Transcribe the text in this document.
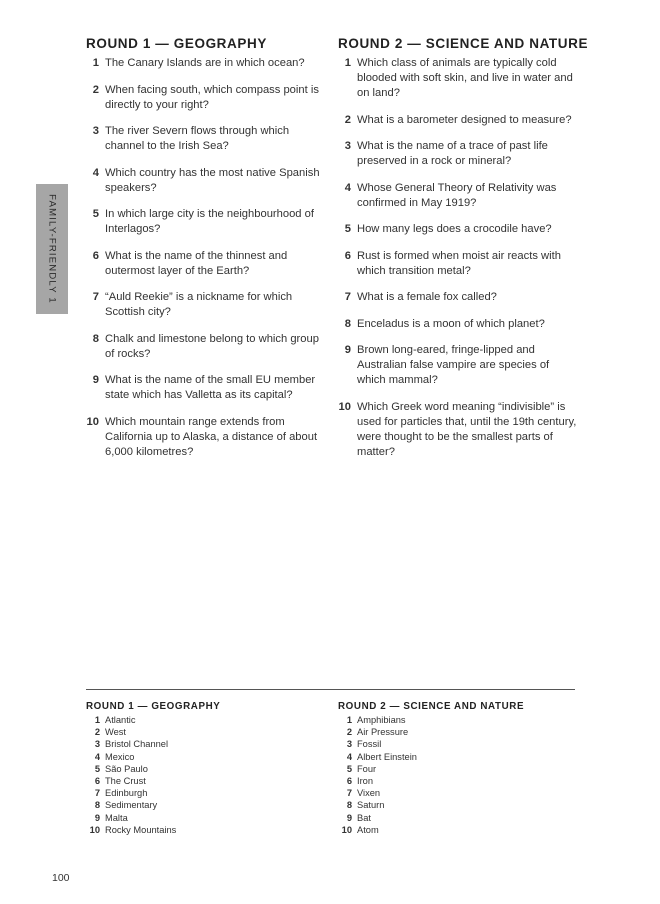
FAMILY-FRIENDLY 1
ROUND 1 — GEOGRAPHY
1 The Canary Islands are in which ocean?
2 When facing south, which compass point is directly to your right?
3 The river Severn flows through which channel to the Irish Sea?
4 Which country has the most native Spanish speakers?
5 In which large city is the neighbourhood of Interlagos?
6 What is the name of the thinnest and outermost layer of the Earth?
7 “Auld Reekie” is a nickname for which Scottish city?
8 Chalk and limestone belong to which group of rocks?
9 What is the name of the small EU member state which has Valletta as its capital?
10 Which mountain range extends from California up to Alaska, a distance of about 6,000 kilometres?
ROUND 2 — SCIENCE AND NATURE
1 Which class of animals are typically cold blooded with soft skin, and live in water and on land?
2 What is a barometer designed to measure?
3 What is the name of a trace of past life preserved in a rock or mineral?
4 Whose General Theory of Relativity was confirmed in May 1919?
5 How many legs does a crocodile have?
6 Rust is formed when moist air reacts with which transition metal?
7 What is a female fox called?
8 Enceladus is a moon of which planet?
9 Brown long-eared, fringe-lipped and Australian false vampire are species of which mammal?
10 Which Greek word meaning “indivisible” is used for particles that, until the 19th century, were thought to be the smallest parts of matter?
ROUND 1 — GEOGRAPHY
1 Atlantic
2 West
3 Bristol Channel
4 Mexico
5 São Paulo
6 The Crust
7 Edinburgh
8 Sedimentary
9 Malta
10 Rocky Mountains
ROUND 2 — SCIENCE AND NATURE
1 Amphibians
2 Air Pressure
3 Fossil
4 Albert Einstein
5 Four
6 Iron
7 Vixen
8 Saturn
9 Bat
10 Atom
100
